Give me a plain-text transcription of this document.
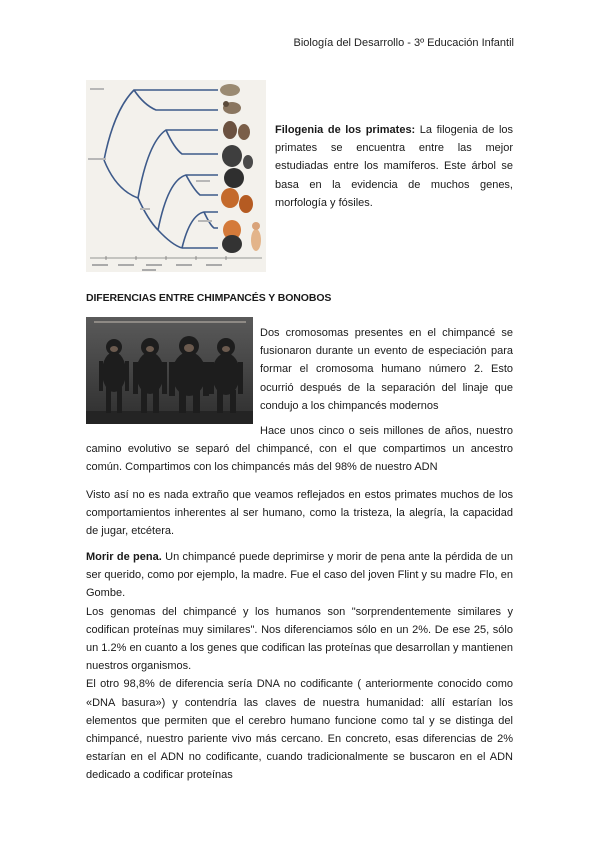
Biología del Desarrollo - 3º Educación Infantil
Filogenia de los primates: La filogenia de los primates se encuentra entre las mejor estudiadas entre los mamíferos. Este árbol se basa en la evidencia de muchos genes, morfología y fósiles.
DIFERENCIAS ENTRE CHIMPANCÉS Y BONOBOS
Dos cromosomas presentes en el chimpancé se fusionaron durante un evento de especiación para formar el cromosoma humano número 2. Esto ocurrió después de la separación del linaje que condujo a los chimpancés modernos
Hace unos cinco o seis millones de años, nuestro camino evolutivo se separó del chimpancé, con el que compartimos un ancestro común. Compartimos con los chimpancés más del 98% de nuestro ADN
Visto así no es nada extraño que veamos reflejados en estos primates muchos de los comportamientos inherentes al ser humano, como la tristeza, la alegría, la capacidad de jugar, etcétera.

Morir de pena. Un chimpancé puede deprimirse y morir de pena ante la pérdida de un ser querido, como por ejemplo, la madre. Fue el caso del joven Flint y su madre Flo, en Gombe.

Los genomas del chimpancé y los humanos son "sorprendentemente similares y codifican proteínas muy similares". Nos diferenciamos sólo en un 2%. De ese 25, sólo un 1.2% en cuanto a los genes que codifican las proteínas que desarrollan y mantienen nuestros organismos.

El otro 98,8% de diferencia sería DNA no codificante ( anteriormente conocido como «DNA basura») y contendría las claves de nuestra humanidad: allí estarían los elementos que permiten que el cerebro humano funcione como tal y se distinga del chimpancé, nuestro pariente vivo más cercano. En concreto, esas diferencias de 2% estarían en el ADN no codificante, cuando tradicionalmente se buscaron en el ADN dedicado a codificar proteínas
